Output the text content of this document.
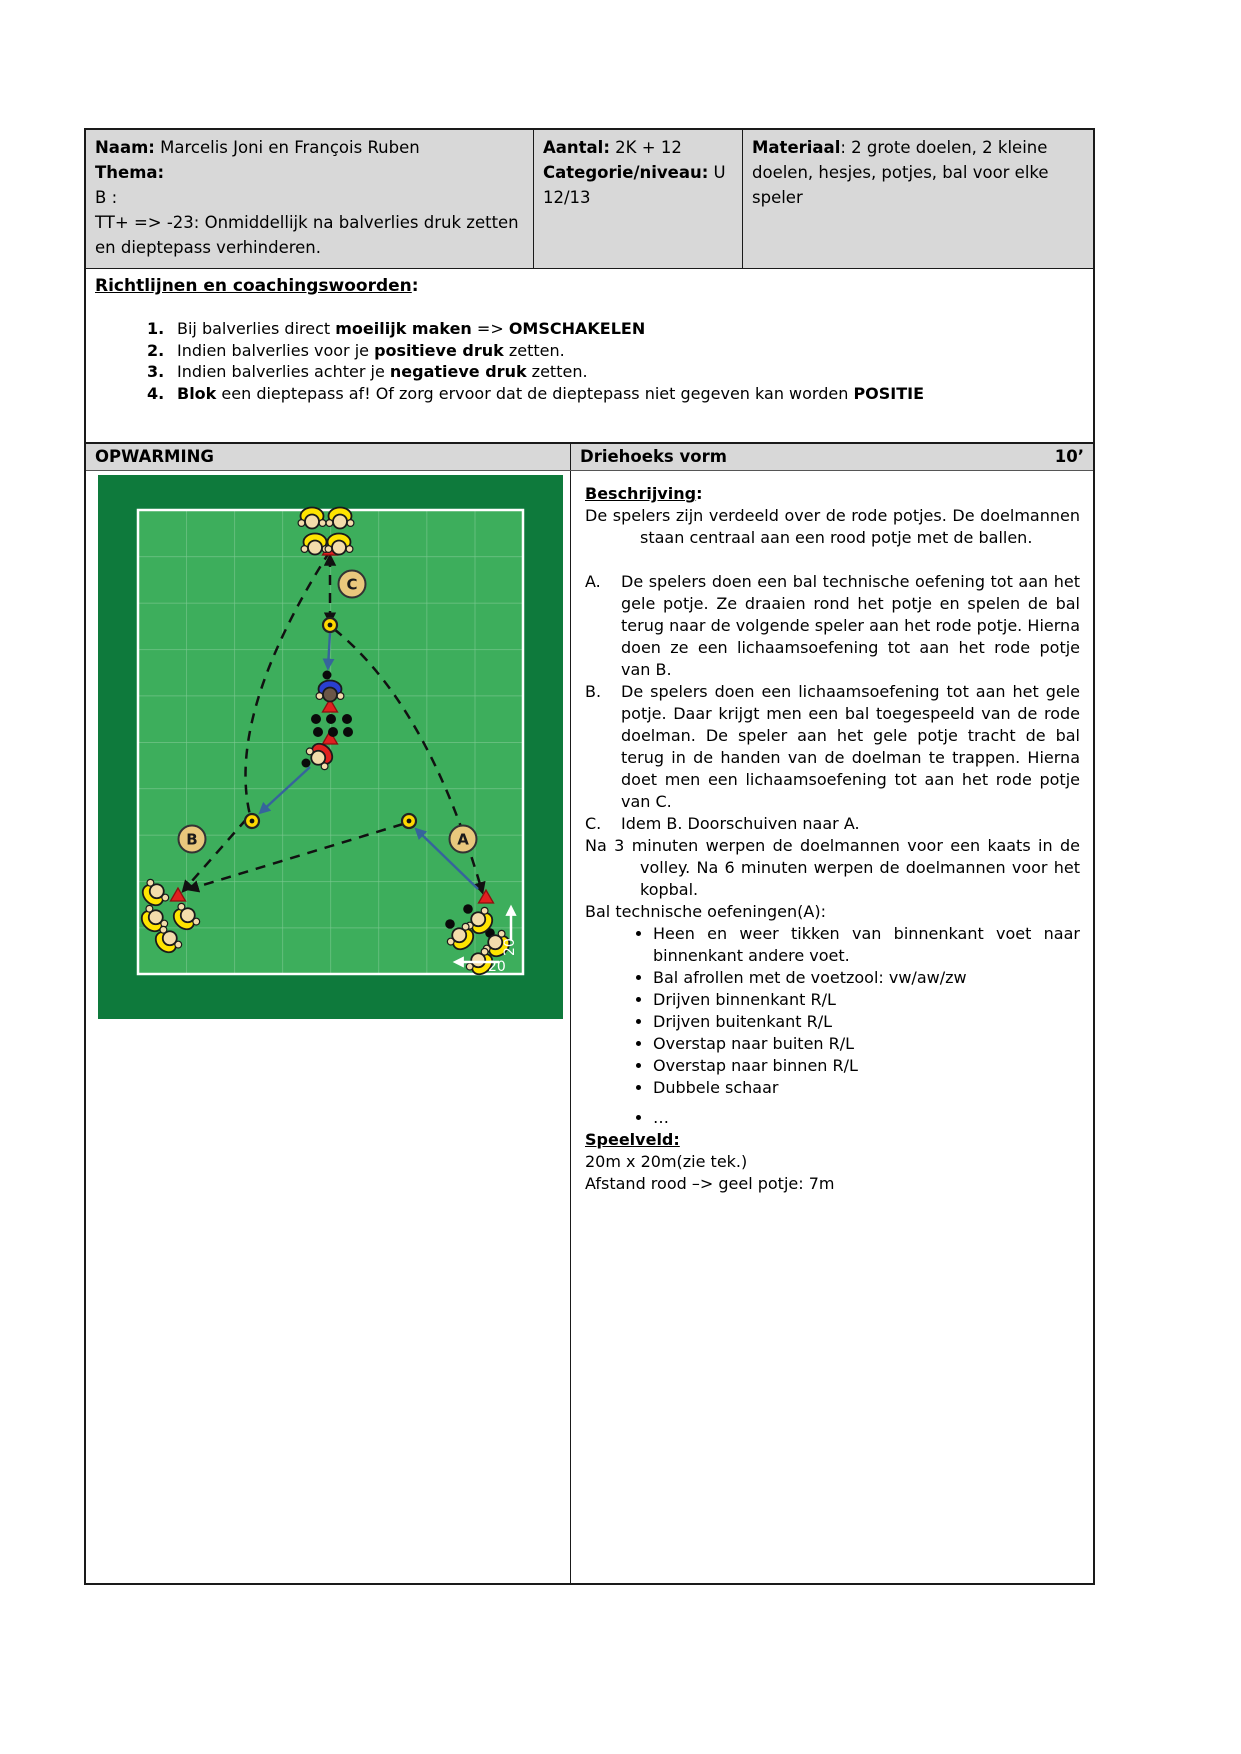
Naam: Marcelis Joni en François Ruben
Thema:
B :
TT+ => -23: Onmiddellijk na balverlies druk zetten en dieptepass verhinderen.
Aantal: 2K + 12
Categorie/niveau: U 12/13
Materiaal: 2 grote doelen, 2 kleine doelen, hesjes, potjes, bal voor elke speler
Richtlijnen en coachingswoorden:
1. Bij balverlies direct moeilijk maken => OMSCHAKELEN
2. Indien balverlies voor je positieve druk zetten.
3. Indien balverlies achter je negatieve druk zetten.
4. Blok een dieptepass af! Of zorg ervoor dat de dieptepass niet gegeven kan worden POSITIE
OPWARMING	Driehoeks vorm	10’
C
B	A
20
20

Beschrijving:

De spelers zijn verdeeld over de rode potjes. De doelmannen staan centraal aan een rood potje met de ballen.

A.	De spelers doen een bal technische oefening tot aan het gele potje. Ze draaien rond het potje en spelen de bal terug naar de volgende speler aan het rode potje. Hierna doen ze een lichaamsoefening tot aan het rode potje van B.
B.	De spelers doen een lichaamsoefening tot aan het gele potje. Daar krijgt men een bal toegespeeld van de rode doelman. De speler aan het gele potje tracht de bal terug in de handen van de doelman te trappen. Hierna doet men een lichaamsoefening tot aan het rode potje van C.
C.	Idem B. Doorschuiven naar A.

Na 3 minuten werpen de doelmannen voor een kaats in de volley. Na 6 minuten werpen de doelmannen voor het kopbal.

Bal technische oefeningen(A):

• Heen en weer tikken van binnenkant voet naar binnenkant andere voet.
• Bal afrollen met de voetzool: vw/aw/zw
• Drijven binnenkant R/L
• Drijven buitenkant R/L
• Overstap naar buiten R/L
• Overstap naar binnen R/L
• Dubbele schaar
• …

Speelveld:

20m x 20m(zie tek.)

Afstand rood –> geel potje: 7m
